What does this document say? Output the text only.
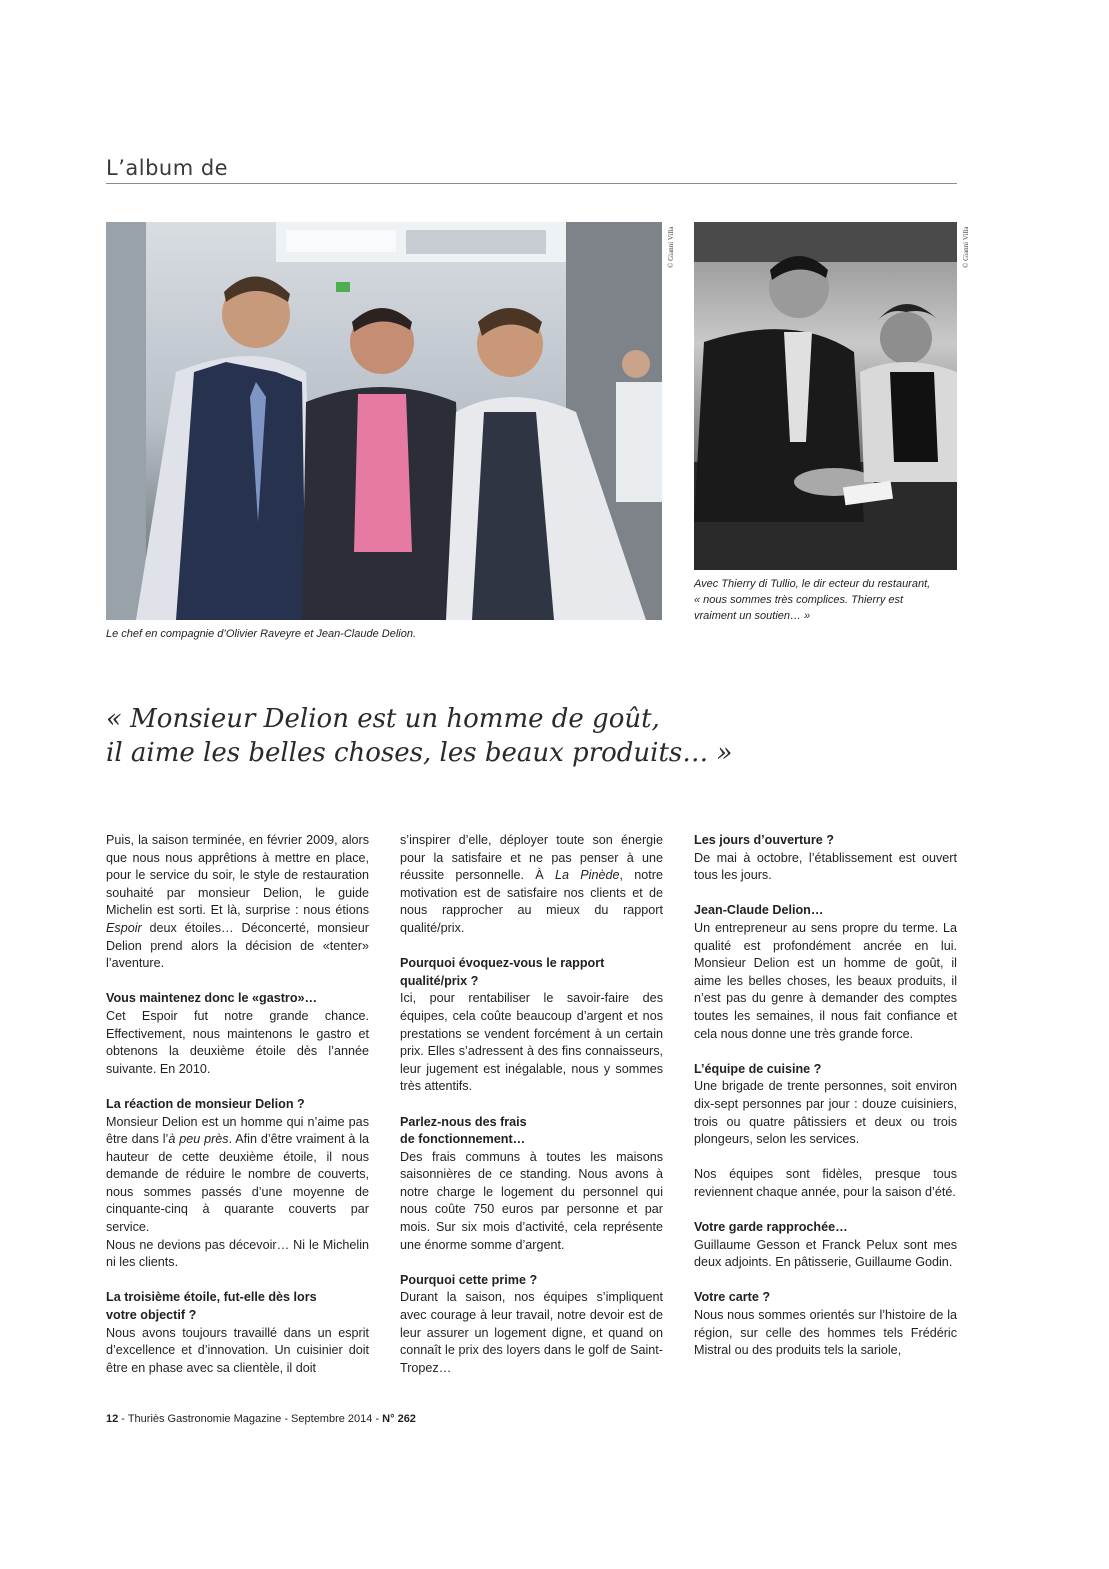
L’album de
© Gianni Villa	© Gianni Villa
Le chef en compagnie d’Olivier Raveyre et Jean-Claude Delion.
Avec Thierry di Tullio, le dir ecteur du restaurant,
« nous sommes très complices. Thierry est
vraiment un soutien… »
« Monsieur Delion est un homme de goût,
il aime les belles choses, les beaux produits… »

Puis, la saison terminée, en février 2009, alors que nous nous apprêtions à mettre en place, pour le service du soir, le style de restauration souhaité par monsieur Delion, le guide Michelin est sorti. Et là, surprise : nous étions Espoir deux étoiles… Déconcerté, monsieur Delion prend alors la décision de «tenter» l’aventure.

Vous maintenez donc le «gastro»…

Cet Espoir fut notre grande chance. Effectivement, nous maintenons le gastro et obtenons la deuxième étoile dès l’année suivante. En 2010.

La réaction de monsieur Delion ?

Monsieur Delion est un homme qui n’aime pas être dans l’à peu près. Afin d’être vraiment à la hauteur de cette deuxième étoile, il nous demande de réduire le nombre de couverts, nous sommes passés d’une moyenne de cinquante-cinq à quarante couverts par service.

Nous ne devions pas décevoir… Ni le Michelin ni les clients.

La troisième étoile, fut-elle dès lors
votre objectif ?

Nous avons toujours travaillé dans un esprit d’excellence et d’innovation. Un cuisinier doit être en phase avec sa clientèle, il doit

s’inspirer d’elle, déployer toute son énergie pour la satisfaire et ne pas penser à une réussite personnelle. À La Pinède, notre motivation est de satisfaire nos clients et de nous rapprocher au mieux du rapport qualité/prix.

Pourquoi évoquez-vous le rapport
qualité/prix ?

Ici, pour rentabiliser le savoir-faire des équipes, cela coûte beaucoup d’argent et nos prestations se vendent forcément à un certain prix. Elles s’adressent à des fins connaisseurs, leur jugement est inégalable, nous y sommes très attentifs.

Parlez-nous des frais
de fonctionnement…

Des frais communs à toutes les maisons saisonnières de ce standing. Nous avons à notre charge le logement du personnel qui nous coûte 750 euros par personne et par mois. Sur six mois d’activité, cela représente une énorme somme d’argent.

Pourquoi cette prime ?

Durant la saison, nos équipes s’impliquent avec courage à leur travail, notre devoir est de leur assurer un logement digne, et quand on connaît le prix des loyers dans le golf de Saint-Tropez…

Les jours d’ouverture ?

De mai à octobre, l’établissement est ouvert tous les jours.

Jean-Claude Delion…

Un entrepreneur au sens propre du terme. La qualité est profondément ancrée en lui. Monsieur Delion est un homme de goût, il aime les belles choses, les beaux produits, il n’est pas du genre à demander des comptes toutes les semaines, il nous fait confiance et cela nous donne une très grande force.

L’équipe de cuisine ?

Une brigade de trente personnes, soit environ dix-sept personnes par jour : douze cuisiniers, trois ou quatre pâtissiers et deux ou trois plongeurs, selon les services.

Nos équipes sont fidèles, presque tous reviennent chaque année, pour la saison d’été.

Votre garde rapprochée…

Guillaume Gesson et Franck Pelux sont mes deux adjoints. En pâtisserie, Guillaume Godin.

Votre carte ?

Nous nous sommes orientés sur l’histoire de la région, sur celle des hommes tels Frédéric Mistral ou des produits tels la sariole,

12 - Thuriès Gastronomie Magazine - Septembre 2014 - N° 262
